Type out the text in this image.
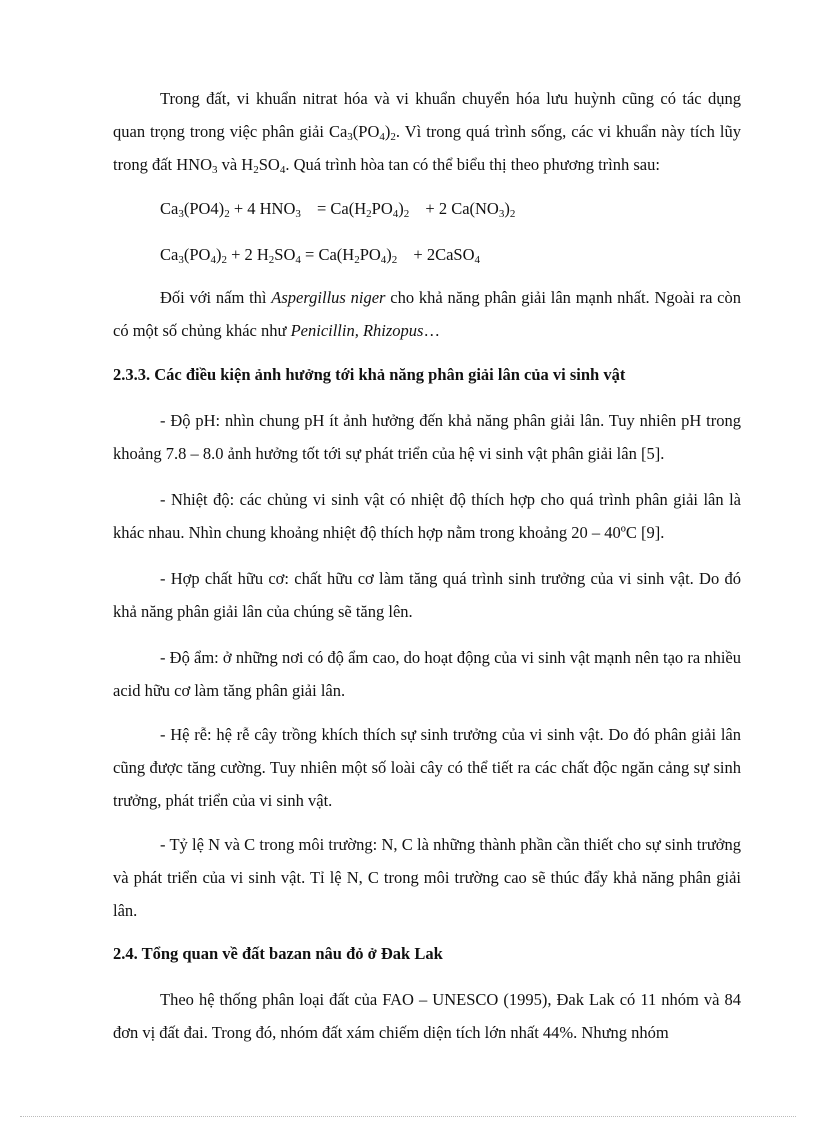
Trong đất, vi khuẩn nitrat hóa và vi khuẩn chuyển hóa lưu huỳnh cũng có tác dụng quan trọng trong việc phân giải $Ca_3(PO_4)_2$. Vì trong quá trình sống, các vi khuẩn này tích lũy trong đất $HNO_3$ và $H_2SO_4$. Quá trình hòa tan có thể biểu thị theo phương trình sau:

$Ca_3(PO4)_2 + 4$ $HNO_3 = Ca(H_2PO_4)_2 + 2$ $Ca(NO_3)_2$

$Ca_3(PO_4)_2 + 2$ $H_2SO_4 = Ca(H_2PO_4)_2$ + 2CaSO$_4$

Đối với nấm thì Aspergillus niger cho khả năng phân giải lân mạnh nhất. Ngoài ra còn có một số chủng khác như Penicillin, Rhizopus…

2.3.3. Các điều kiện ảnh hưởng tới khả năng phân giải lân của vi sinh vật

- Độ pH: nhìn chung pH ít ảnh hưởng đến khả năng phân giải lân. Tuy nhiên pH trong khoảng 7.8 – 8.0 ảnh hưởng tốt tới sự phát triển của hệ vi sinh vật phân giải lân [5].

- Nhiệt độ: các chủng vi sinh vật có nhiệt độ thích hợp cho quá trình phân giải lân là khác nhau. Nhìn chung khoảng nhiệt độ thích hợp nằm trong khoảng 20 – 40ºC [9].

- Hợp chất hữu cơ: chất hữu cơ làm tăng quá trình sinh trưởng của vi sinh vật. Do đó khả năng phân giải lân của chúng sẽ tăng lên.

- Độ ẩm: ở những nơi có độ ẩm cao, do hoạt động của vi sinh vật mạnh nên tạo ra nhiều acid hữu cơ làm tăng phân giải lân.

- Hệ rễ: hệ rễ cây trồng khích thích sự sinh trưởng của vi sinh vật. Do đó phân giải lân cũng được tăng cường. Tuy nhiên một số loài cây có thể tiết ra các chất độc ngăn cảng sự sinh trưởng, phát triển của vi sinh vật.

- Tỷ lệ N và C trong môi trường: N, C là những thành phần cần thiết cho sự sinh trưởng và phát triển của vi sinh vật. Tỉ lệ N, C trong môi trường cao sẽ thúc đẩy khả năng phân giải lân.

2.4. Tổng quan về đất bazan nâu đỏ ở Đak Lak

Theo hệ thống phân loại đất của FAO – UNESCO (1995), Đak Lak có 11 nhóm và 84 đơn vị đất đai. Trong đó, nhóm đất xám chiếm diện tích lớn nhất 44%. Nhưng nhóm
